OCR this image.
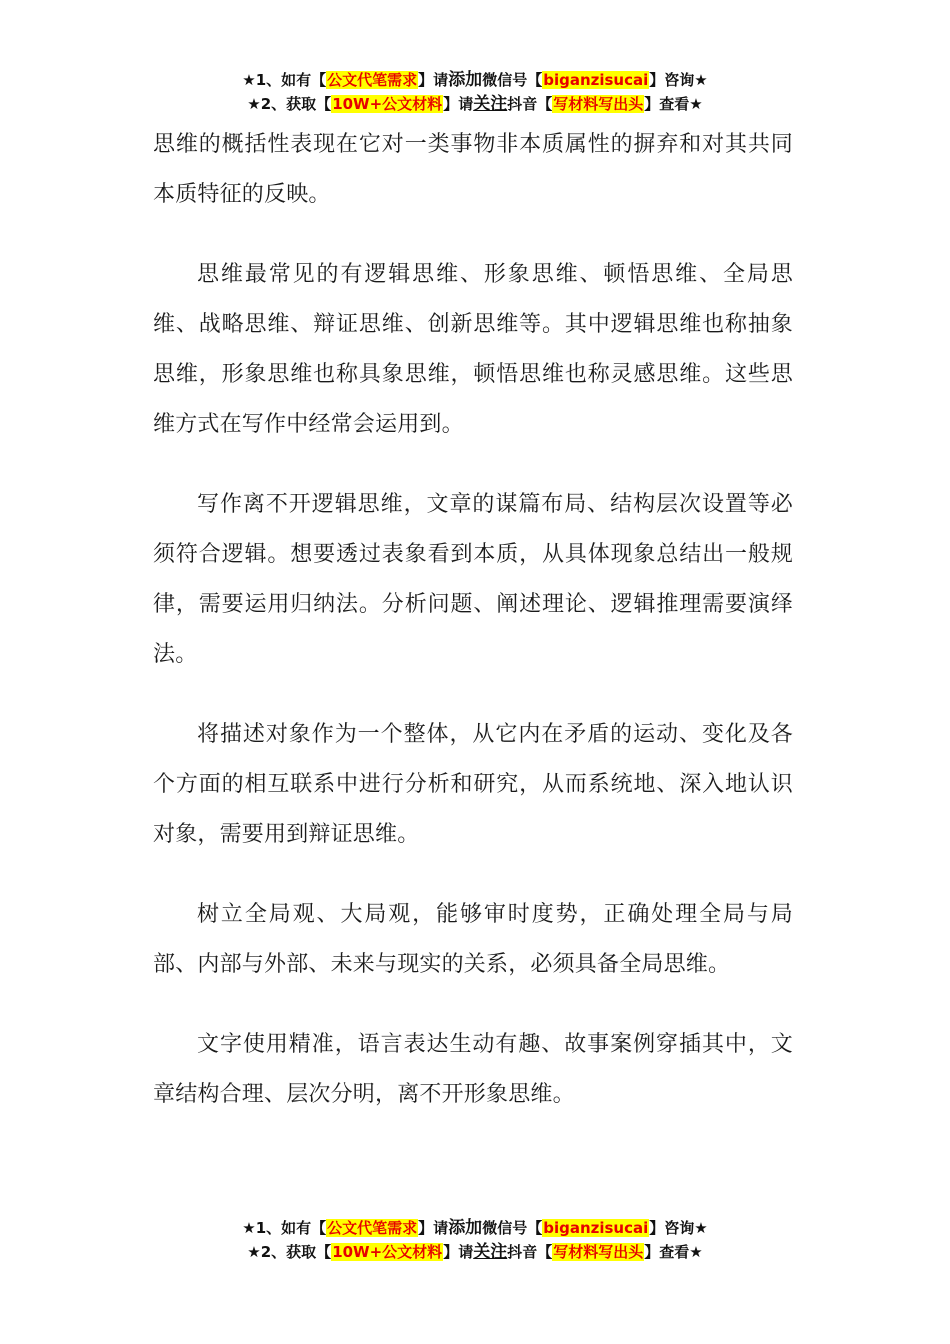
★1、如有【公文代笔需求】请添加微信号【biganzisucai】咨询★
★2、获取【10W+公文材料】请关注抖音【写材料写出头】查看★

思维的概括性表现在它对一类事物非本质属性的摒弃和对其共同本质特征的反映。

思维最常见的有逻辑思维、形象思维、顿悟思维、全局思维、战略思维、辩证思维、创新思维等。其中逻辑思维也称抽象思维，形象思维也称具象思维，顿悟思维也称灵感思维。这些思维方式在写作中经常会运用到。

写作离不开逻辑思维，文章的谋篇布局、结构层次设置等必须符合逻辑。想要透过表象看到本质，从具体现象总结出一般规律，需要运用归纳法。分析问题、阐述理论、逻辑推理需要演绎法。

将描述对象作为一个整体，从它内在矛盾的运动、变化及各个方面的相互联系中进行分析和研究，从而系统地、深入地认识对象，需要用到辩证思维。

树立全局观、大局观，能够审时度势，正确处理全局与局部、内部与外部、未来与现实的关系，必须具备全局思维。

文字使用精准，语言表达生动有趣、故事案例穿插其中，文章结构合理、层次分明，离不开形象思维。

★1、如有【公文代笔需求】请添加微信号【biganzisucai】咨询★
★2、获取【10W+公文材料】请关注抖音【写材料写出头】查看★
